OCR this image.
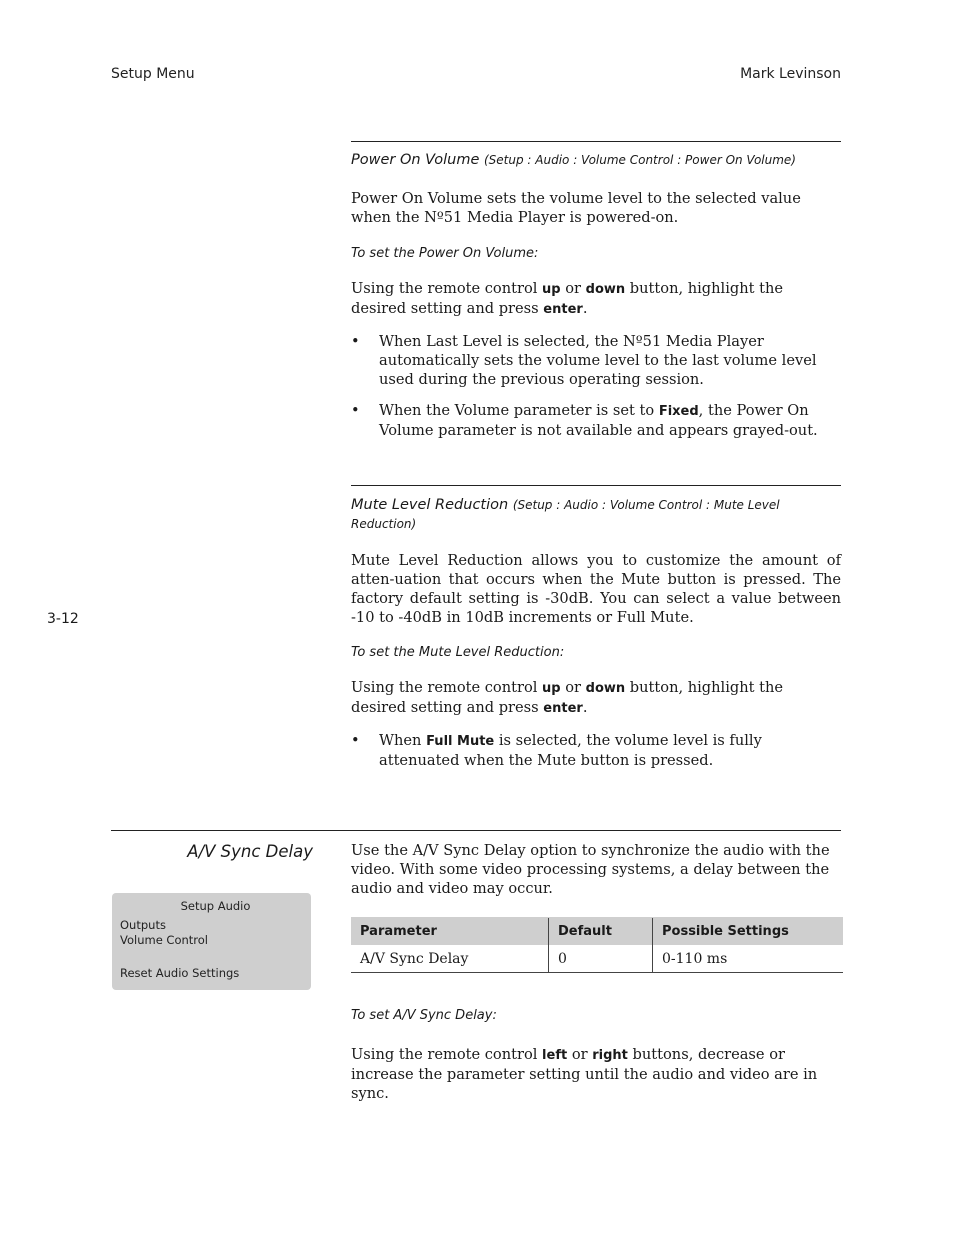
Setup Menu	Mark Levinson
3-12
Power On Volume (Setup : Audio : Volume Control : Power On Volume)
Power On Volume sets the volume level to the selected value when the Nº51 Media Player is powered-on.
To set the Power On Volume:
Using the remote control up or down button, highlight the desired setting and press enter.
• When Last Level is selected, the Nº51 Media Player automatically sets the volume level to the last volume level used during the previous operating session.
• When the Volume parameter is set to Fixed, the Power On Volume parameter is not available and appears grayed-out.
Mute Level Reduction (Setup : Audio : Volume Control : Mute Level Reduction)
Mute Level Reduction allows you to customize the amount of atten-uation that occurs when the Mute button is pressed. The factory default setting is -30dB. You can select a value between -10 to -40dB in 10dB increments or Full Mute.
To set the Mute Level Reduction:
Using the remote control up or down button, highlight the desired setting and press enter.
• When Full Mute is selected, the volume level is fully attenuated when the Mute button is pressed.
A/V Sync Delay	Use the A/V Sync Delay option to synchronize the audio with the video. With some video processing systems, a delay between the audio and video may occur.
Setup Audio
Outputs
Volume Control
Reset Audio Settings
Parameter	Default	Possible Settings
A/V Sync Delay	0	0-110 ms
To set A/V Sync Delay:
Using the remote control left or right buttons, decrease or increase the parameter setting until the audio and video are in sync.
